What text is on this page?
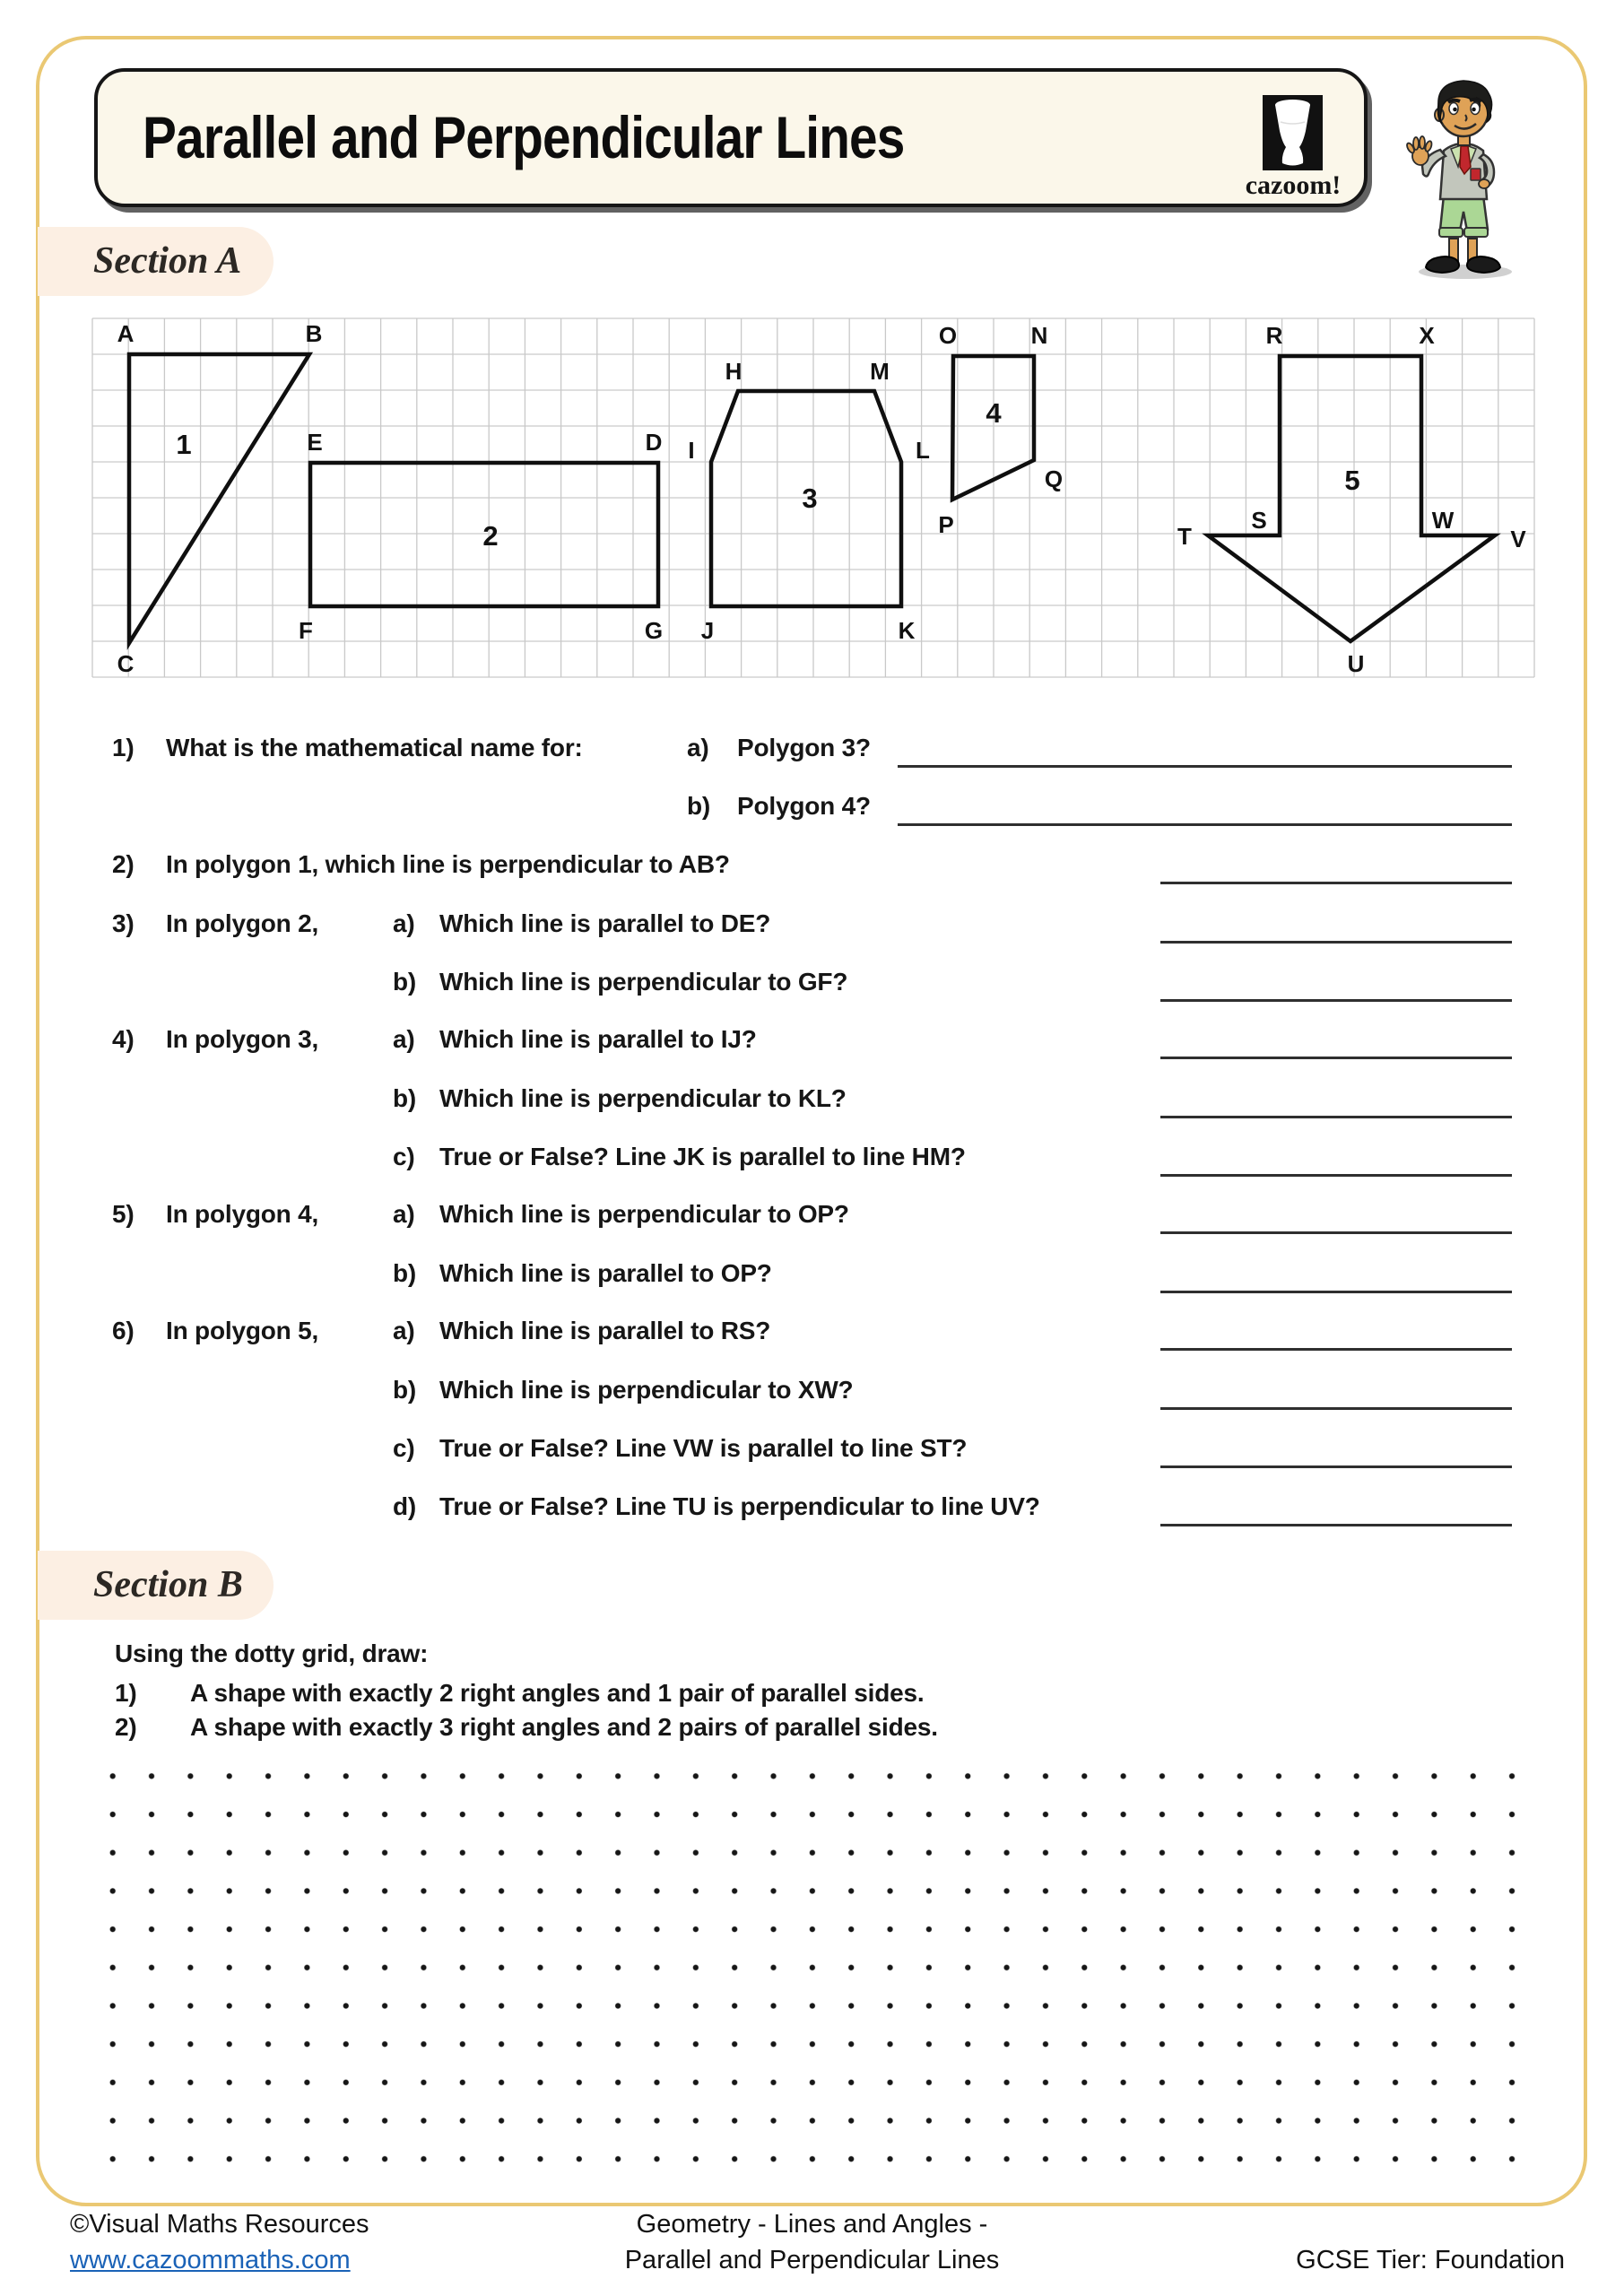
Parallel and Perpendicular Lines
cazoom!
Section A
A	B
C
E	D
F	G
H	M
I	L
J	K
O	N
Q
P
R	X
S	W
T	V
U
1
2
3
4
5
1) What is the mathematical name for:	a) Polygon 3?
b) Polygon 4?
2) In polygon 1, which line is perpendicular to AB?
3) In polygon 2,	a) Which line is parallel to DE?
b) Which line is perpendicular to GF?
4) In polygon 3,	a) Which line is parallel to IJ?
b) Which line is perpendicular to KL?
c) True or False? Line JK is parallel to line HM?
5) In polygon 4,	a) Which line is perpendicular to OP?
b) Which line is parallel to OP?
6) In polygon 5,	a) Which line is parallel to RS?
b) Which line is perpendicular to XW?
c) True or False? Line VW is parallel to line ST?
d) True or False? Line TU is perpendicular to line UV?
Section B
Using the dotty grid, draw:
1) A shape with exactly 2 right angles and 1 pair of parallel sides.
2) A shape with exactly 3 right angles and 2 pairs of parallel sides.
©Visual Maths Resources
www.cazoommaths.com
Geometry - Lines and Angles -
Parallel and Perpendicular Lines	GCSE Tier: Foundation
